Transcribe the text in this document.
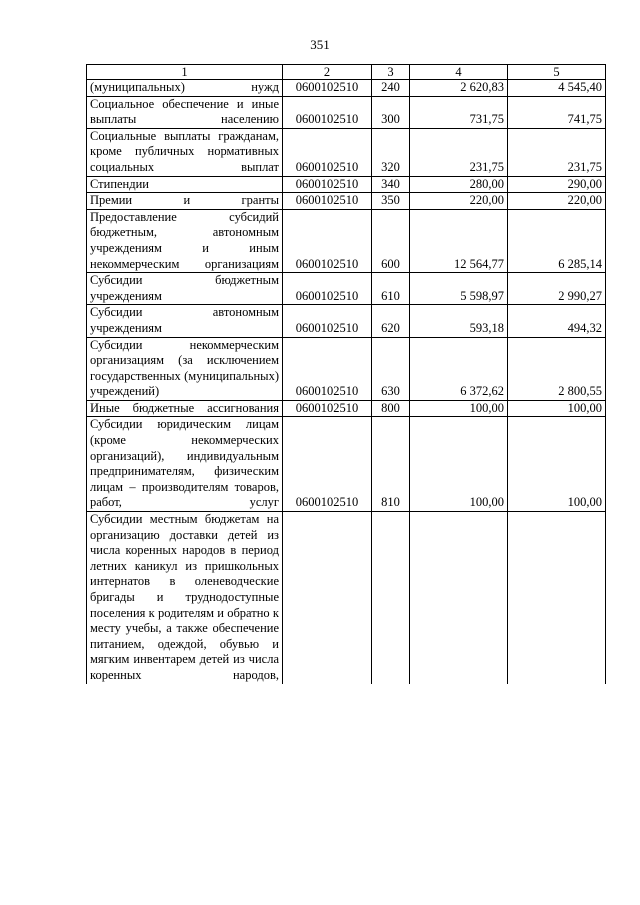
351
1	2	3	4	5
(муниципальных) нужд	0600102510	240	2 620,83	4 545,40
Социальное обеспечение и иные выплаты населению	0600102510	300	731,75	741,75
Социальные выплаты гражданам, кроме публичных нормативных социальных выплат	0600102510	320	231,75	231,75
Стипендии	0600102510	340	280,00	290,00
Премии и гранты	0600102510	350	220,00	220,00
Предоставление субсидий бюджетным, автономным учреждениям и иным некоммерческим организациям	0600102510	600	12 564,77	6 285,14
Субсидии бюджетным учреждениям	0600102510	610	5 598,97	2 990,27
Субсидии автономным учреждениям	0600102510	620	593,18	494,32
Субсидии некоммерческим организациям (за исключением государственных (муниципальных) учреждений)	0600102510	630	6 372,62	2 800,55
Иные бюджетные ассигнования	0600102510	800	100,00	100,00
Субсидии юридическим лицам (кроме некоммерческих организаций), индивидуальным предпринимателям, физическим лицам – производителям товаров, работ, услуг	0600102510	810	100,00	100,00
Субсидии местным бюджетам на организацию доставки детей из числа коренных народов в период летних каникул из пришкольных интернатов в оленеводческие бригады и труднодоступные поселения к родителям и обратно к месту учебы, а также обеспечение питанием, одеждой, обувью и мягким инвентарем детей из числа коренных народов,				
